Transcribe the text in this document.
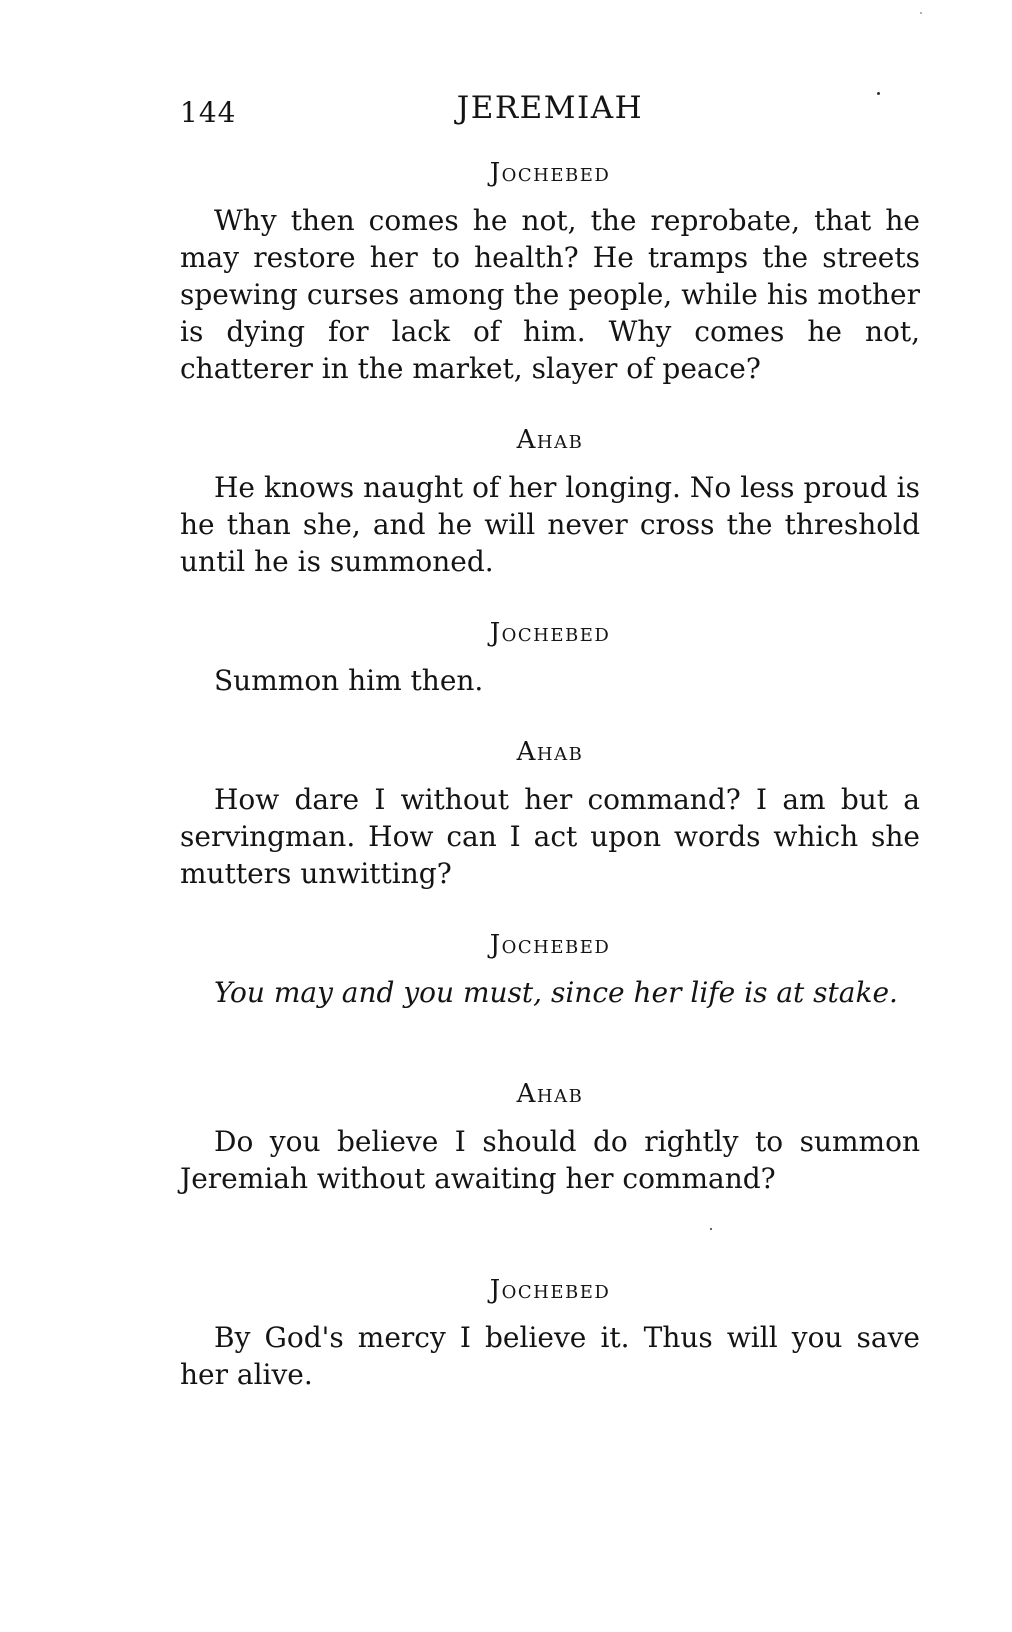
144	JEREMIAH
Jochebed

Why then comes he not, the reprobate, that he may restore her to health? He tramps the streets spewing curses among the people, while his mother is dying for lack of him. Why comes he not, chatterer in the market, slayer of peace?

Ahab

He knows naught of her longing. No less proud is he than she, and he will never cross the threshold until he is summoned.

Jochebed

Summon him then.

Ahab

How dare I without her command? I am but a servingman. How can I act upon words which she mutters unwitting?

Jochebed

You may and you must, since her life is at stake.

Ahab

Do you believe I should do rightly to summon Jeremiah without awaiting her command?

Jochebed

By God's mercy I believe it. Thus will you save her alive.
